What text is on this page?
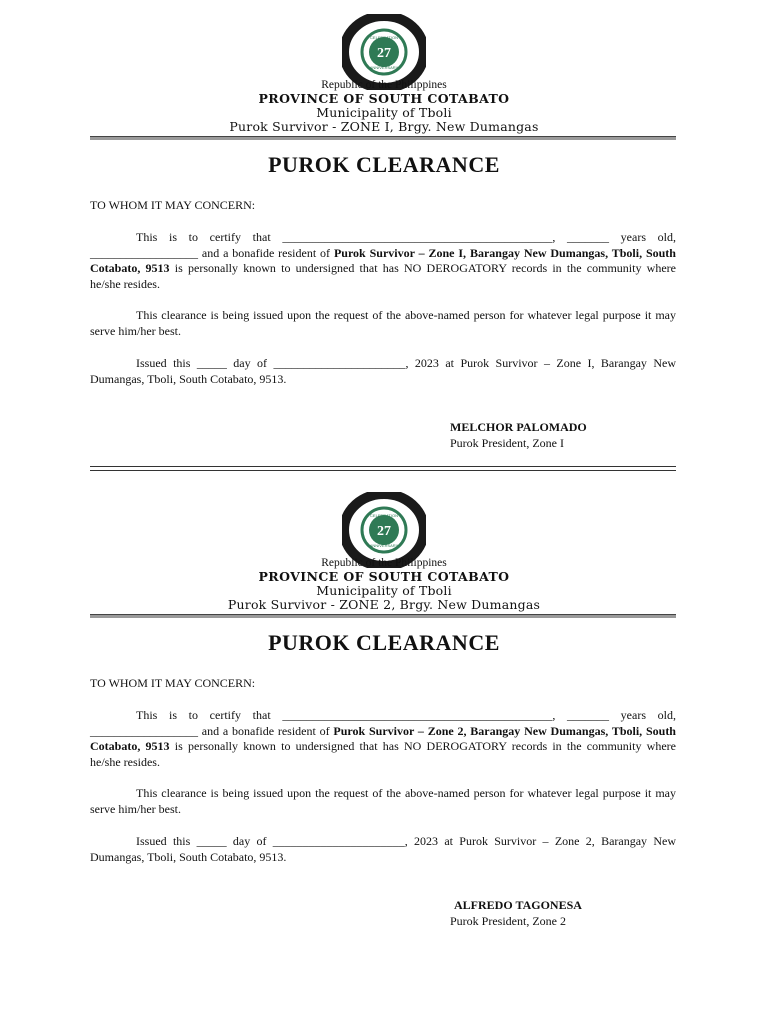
27
CELEBRATION
ANNIVERSARY
Republic of the Philippines
PROVINCE OF SOUTH COTABATO
Municipality of Tboli
Purok Survivor - ZONE I, Brgy. New Dumangas
PUROK CLEARANCE
TO WHOM IT MAY CONCERN:
This is to certify that _____________________________________________, _______ years old, __________________ and a bonafide resident of Purok Survivor – Zone I, Barangay New Dumangas, Tboli, South Cotabato, 9513 is personally known to undersigned that has NO DEROGATORY records in the community where he/she resides.
This clearance is being issued upon the request of the above-named person for whatever legal purpose it may serve him/her best.
Issued this _____ day of ______________________, 2023 at Purok Survivor – Zone I, Barangay New Dumangas, Tboli, South Cotabato, 9513.
MELCHOR PALOMADO
Purok President, Zone I
27
CELEBRATION
ANNIVERSARY
Republic of the Philippines
PROVINCE OF SOUTH COTABATO
Municipality of Tboli
Purok Survivor - ZONE 2, Brgy. New Dumangas
PUROK CLEARANCE
TO WHOM IT MAY CONCERN:
This is to certify that _____________________________________________, _______ years old, __________________ and a bonafide resident of Purok Survivor – Zone 2, Barangay New Dumangas, Tboli, South Cotabato, 9513 is personally known to undersigned that has NO DEROGATORY records in the community where he/she resides.
This clearance is being issued upon the request of the above-named person for whatever legal purpose it may serve him/her best.
Issued this _____ day of ______________________, 2023 at Purok Survivor – Zone 2, Barangay New Dumangas, Tboli, South Cotabato, 9513.
ALFREDO TAGONESA
Purok President, Zone 2
